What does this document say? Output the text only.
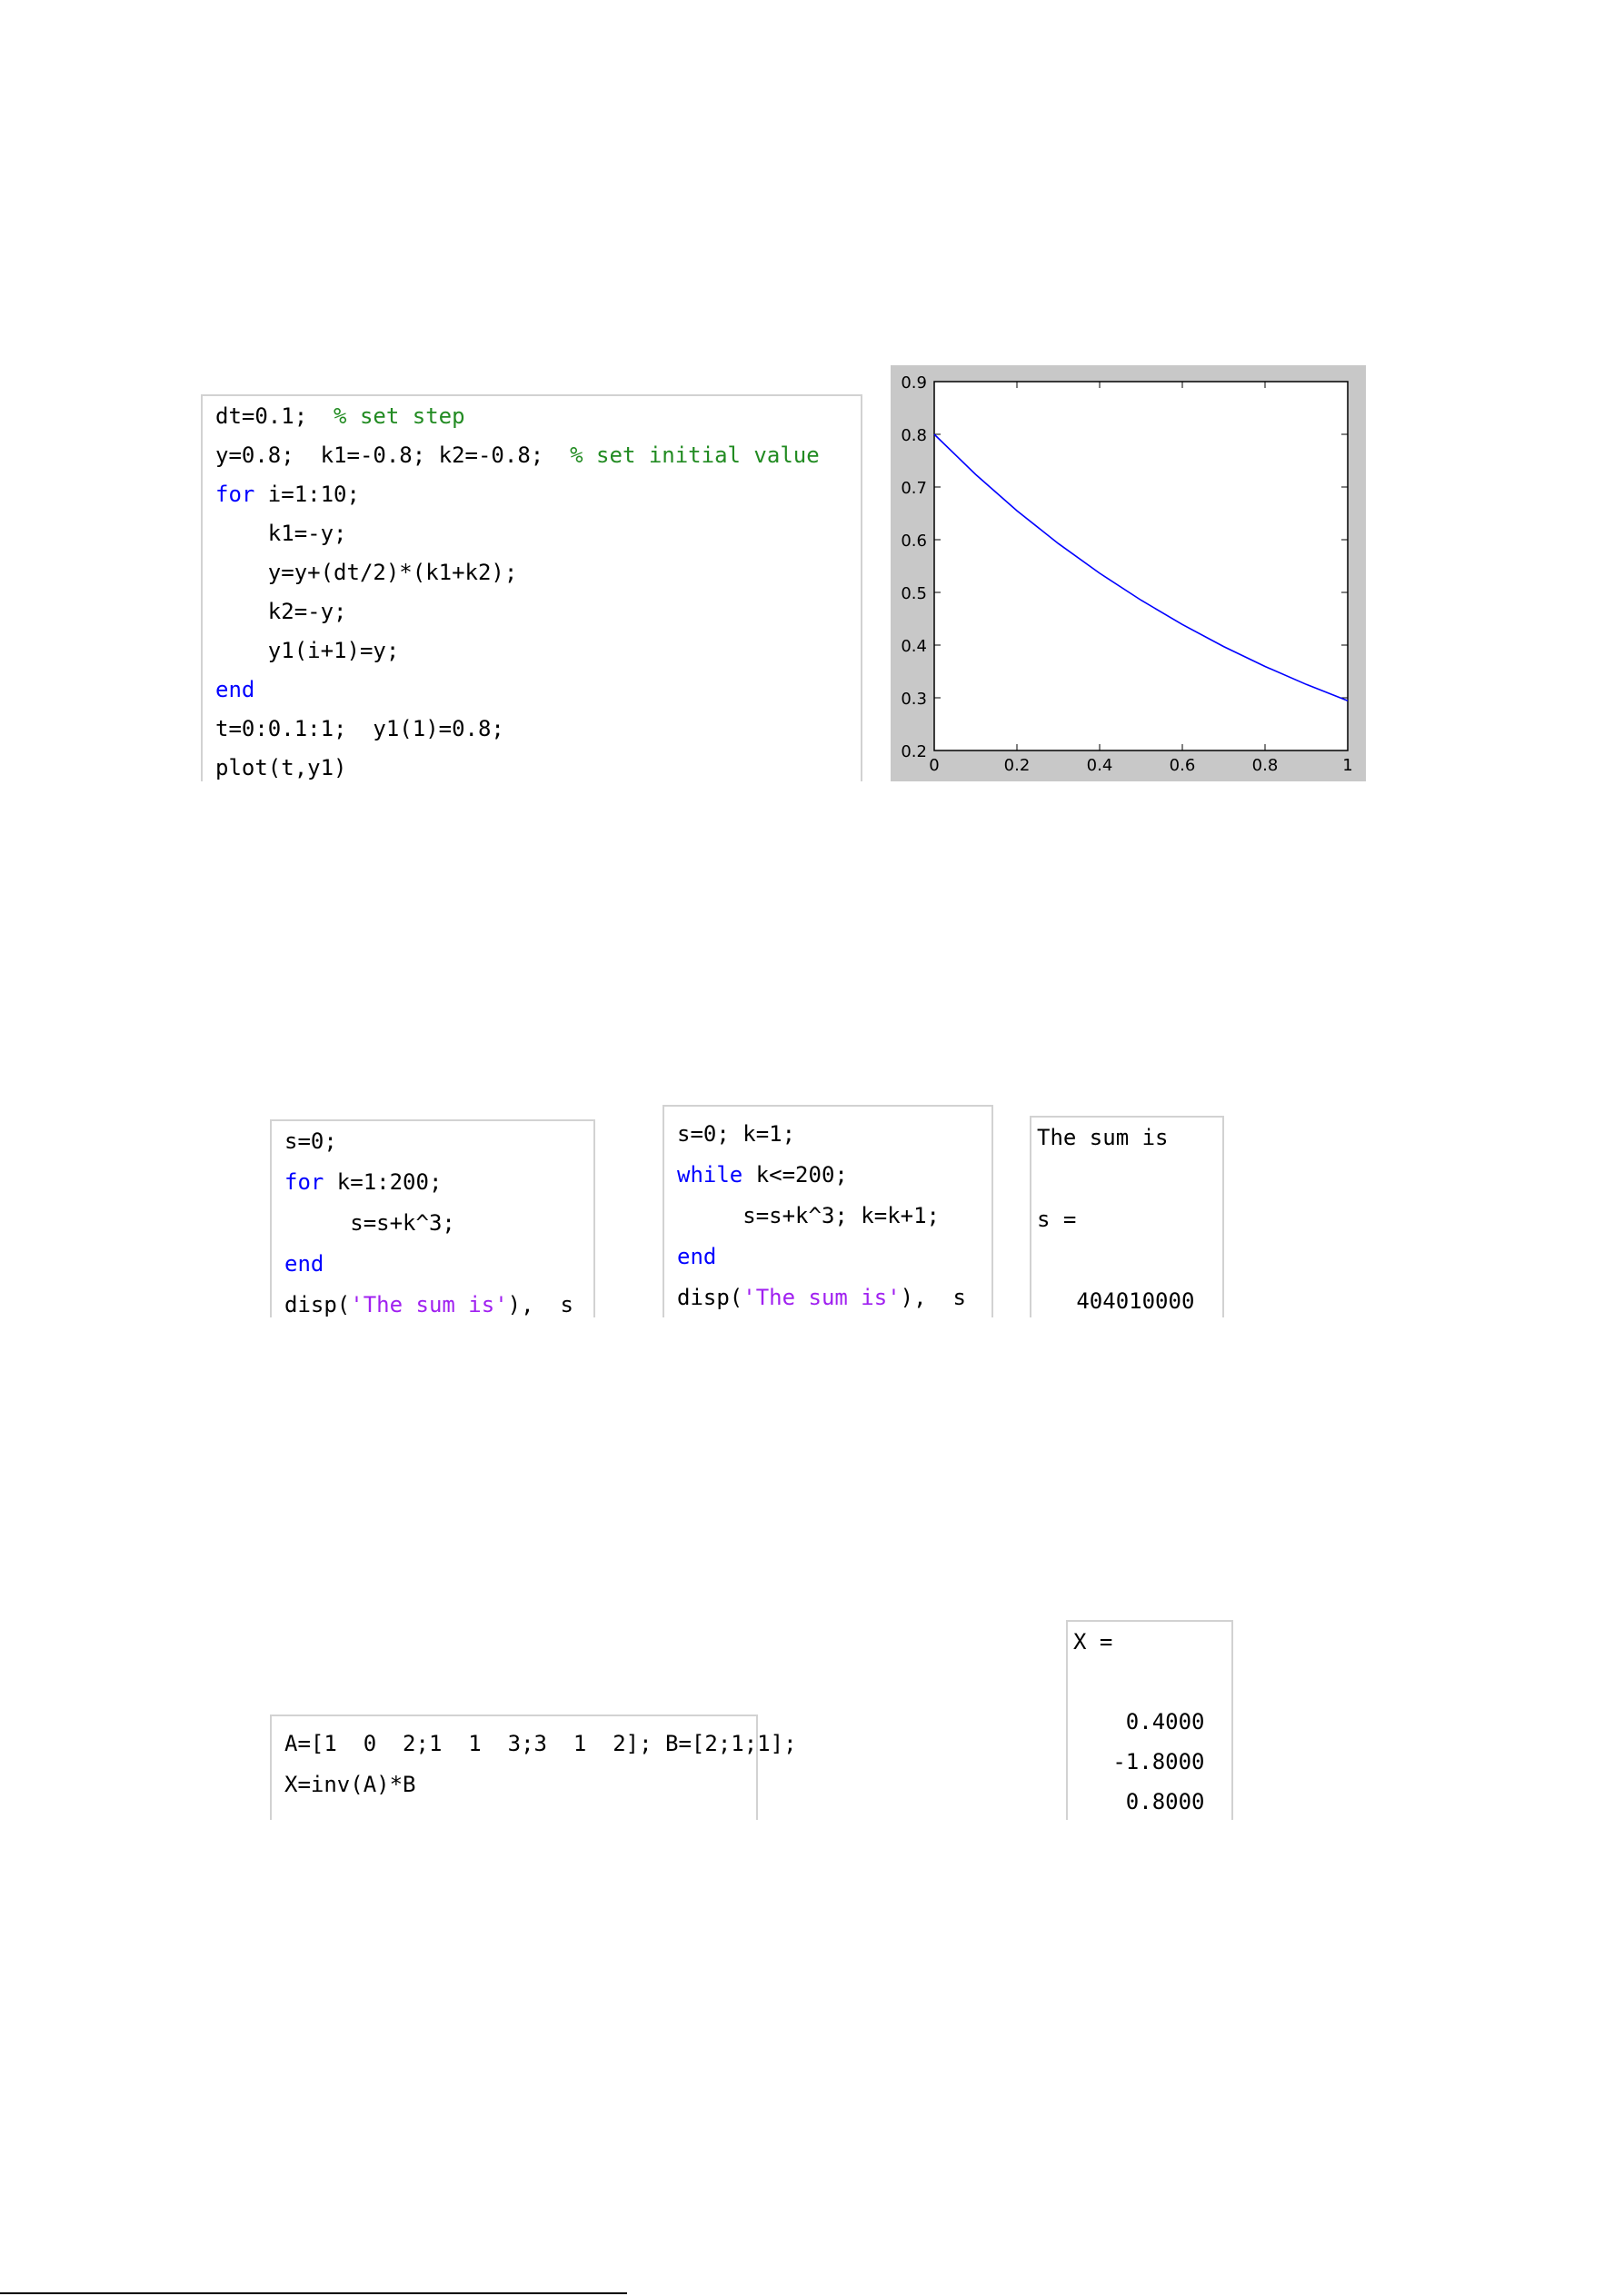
dt=0.1;  % set step
y=0.8;  k1=-0.8; k2=-0.8;  % set initial value
for i=1:10;
k1=-y;
y=y+(dt/2)*(k1+k2);
k2=-y;
y1(i+1)=y;
end
t=0:0.1:1;  y1(1)=0.8;
plot(t,y1)
0.2
0.3
0.4
0.5
0.6
0.7
0.8
0.9
0	0.2	0.4	0.6	0.8	1
s=0;
for k=1:200;
s=s+k^3;
end
disp('The sum is'),  s
s=0; k=1;
while k<=200;
s=s+k^3; k=k+1;
end
disp('The sum is'),  s
The sum is
s =
404010000
A=[1  0  2;1  1  3;3  1  2]; B=[2;1;1];
X=inv(A)*B
X =
0.4000
-1.8000
0.8000
